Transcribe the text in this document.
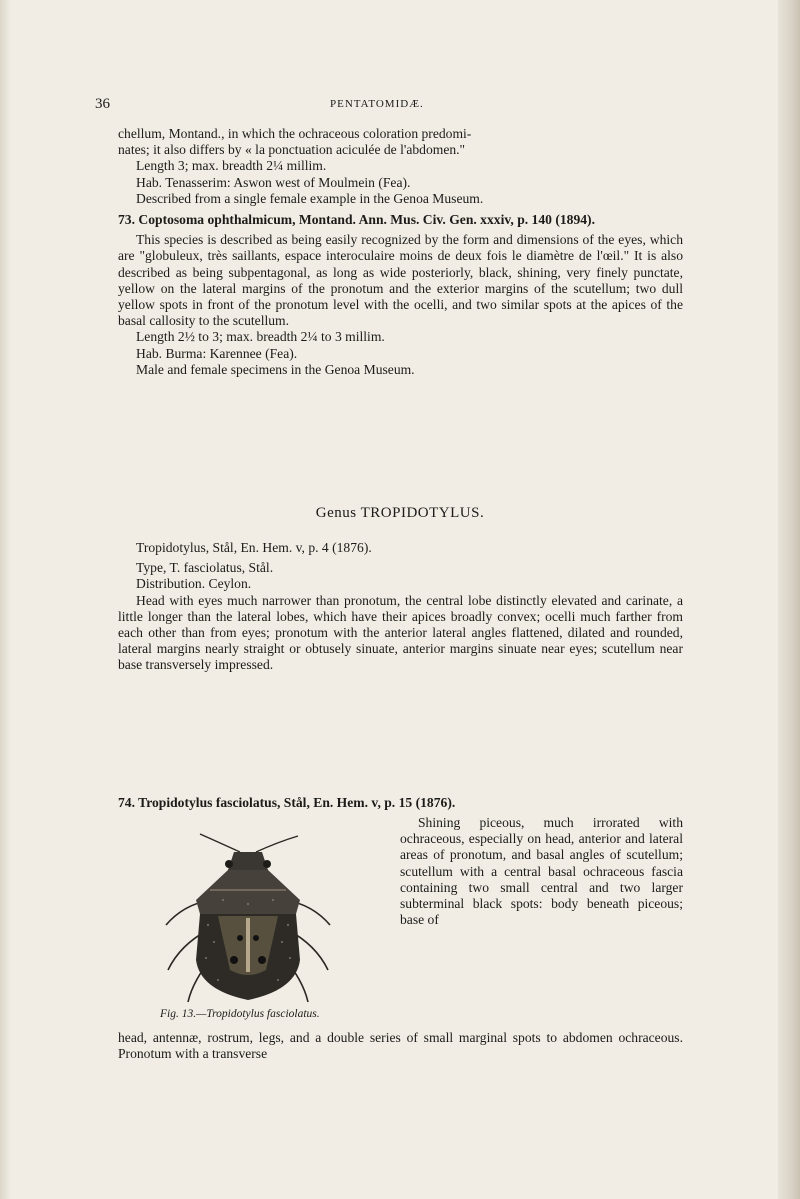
36	PENTATOMIDÆ.

chellum, Montand., in which the ochraceous coloration predomi-

nates; it also differs by « la ponctuation aciculée de l'abdomen."

Length 3; max. breadth 2¼ millim.

Hab. Tenasserim: Aswon west of Moulmein (Fea).

Described from a single female example in the Genoa Museum.

73. Coptosoma ophthalmicum, Montand. Ann. Mus. Civ. Gen. xxxiv, p. 140 (1894).

This species is described as being easily recognized by the form and dimensions of the eyes, which are "globuleux, très saillants, espace interoculaire moins de deux fois le diamètre de l'œil." It is also described as being subpentagonal, as long as wide posteriorly, black, shining, very finely punctate, yellow on the lateral margins of the pronotum and the exterior margins of the scutellum; two dull yellow spots in front of the pronotum level with the ocelli, and two similar spots at the apices of the basal callosity to the scutellum.

Length 2½ to 3; max. breadth 2¼ to 3 millim.

Hab. Burma: Karennee (Fea).

Male and female specimens in the Genoa Museum.

Genus TROPIDOTYLUS.

Tropidotylus, Stål, En. Hem. v, p. 4 (1876).

Type, T. fasciolatus, Stål.

Distribution. Ceylon.

Head with eyes much narrower than pronotum, the central lobe distinctly elevated and carinate, a little longer than the lateral lobes, which have their apices broadly convex; ocelli much farther from each other than from eyes; pronotum with the anterior lateral angles flattened, dilated and rounded, lateral margins nearly straight or obtusely sinuate, anterior margins sinuate near eyes; scutellum near base transversely impressed.

74. Tropidotylus fasciolatus, Stål, En. Hem. v, p. 15 (1876).

Fig. 13.—Tropidotylus fasciolatus.

Shining piceous, much irrorated with ochraceous, especially on head, anterior and lateral areas of pronotum, and basal angles of scutellum; scutellum with a central basal ochraceous fascia containing two small central and two larger subterminal black spots: body beneath piceous; base of

head, antennæ, rostrum, legs, and a double series of small marginal spots to abdomen ochraceous. Pronotum with a transverse
